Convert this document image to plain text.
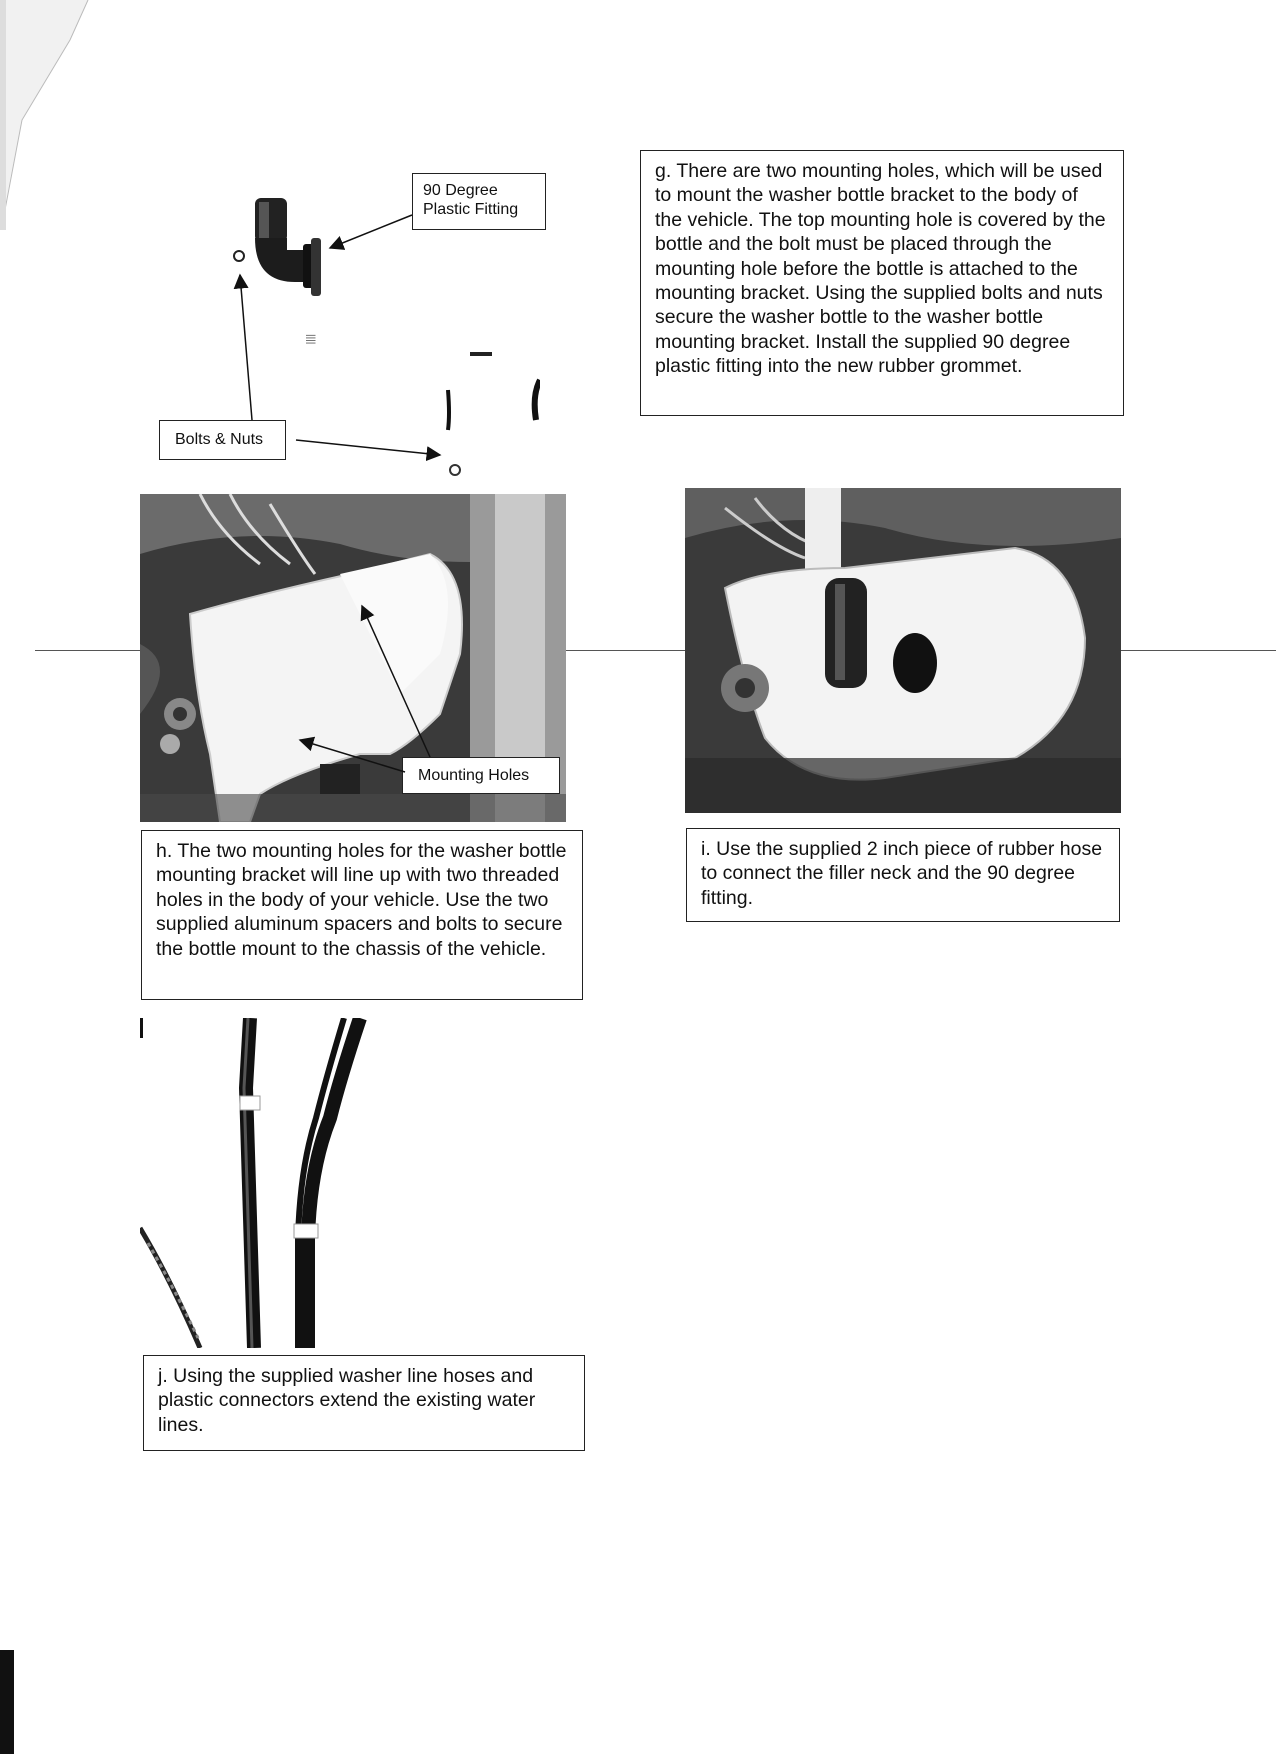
||||
90 Degree Plastic Fitting
Bolts & Nuts
g. There are two mounting holes, which will be used to mount the washer bottle bracket to the body of the vehicle. The top mounting hole is covered by the bottle and the bolt must be placed through the mounting hole before the bottle is attached to the mounting bracket. Using the supplied bolts and nuts secure the washer bottle to the washer bottle mounting bracket. Install the supplied 90 degree plastic fitting into the new rubber grommet.
Mounting Holes
h. The two mounting holes for the washer bottle mounting bracket will line up with two threaded holes in the body of your vehicle. Use the two supplied aluminum spacers and bolts to secure the bottle mount to the chassis of the vehicle.
i. Use the supplied 2 inch piece of rubber hose to connect the filler neck and the 90 degree fitting.
j. Using the supplied washer line hoses and plastic connectors extend the existing water lines.
